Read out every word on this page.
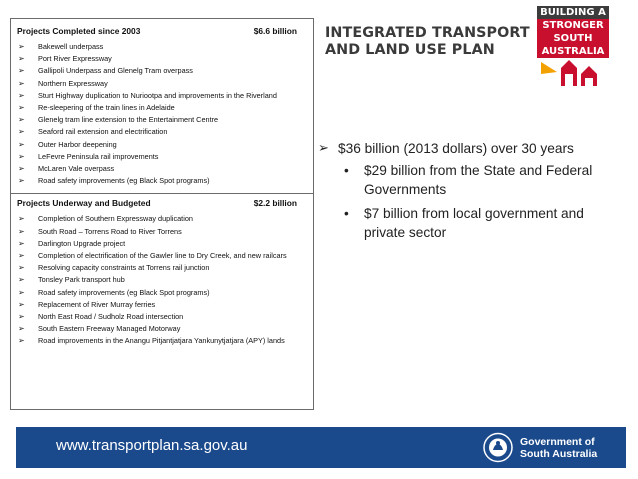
Projects Completed since 2003	$6.6 billion
➢ Bakewell underpass
➢ Port River Expressway
➢ Gallipoli Underpass and Glenelg Tram overpass
➢ Northern Expressway
➢ Sturt Highway duplication to Nuriootpa and improvements in the Riverland
➢ Re-sleepering of the train lines in Adelaide
➢ Glenelg tram line extension to the Entertainment Centre
➢ Seaford rail extension and electrification
➢ Outer Harbor deepening
➢ LeFevre Peninsula rail improvements
➢ McLaren Vale overpass
➢ Road safety improvements (eg Black Spot programs)
Projects Underway and Budgeted	$2.2 billion
➢ Completion of Southern Expressway duplication
➢ South Road – Torrens Road to River Torrens
➢ Darlington Upgrade project
➢ Completion of electrification of the Gawler line to Dry Creek, and new railcars
➢ Resolving capacity constraints at Torrens rail junction
➢ Tonsley Park transport hub
➢ Road safety improvements (eg Black Spot programs)
➢ Replacement of River Murray ferries
➢ North East Road / Sudholz Road intersection
➢ South Eastern Freeway Managed Motorway
➢ Road improvements in the Anangu Pitjantjatjara Yankunytjatjara (APY) lands
INTEGRATED TRANSPORT
AND LAND USE PLAN
BUILDING A
STRONGER
SOUTH
AUSTRALIA
➢ $36 billion (2013 dollars) over 30 years
• $29 billion from the State and Federal Governments
• $7 billion from local government and private sector
www.transportplan.sa.gov.au	Government of
South Australia
